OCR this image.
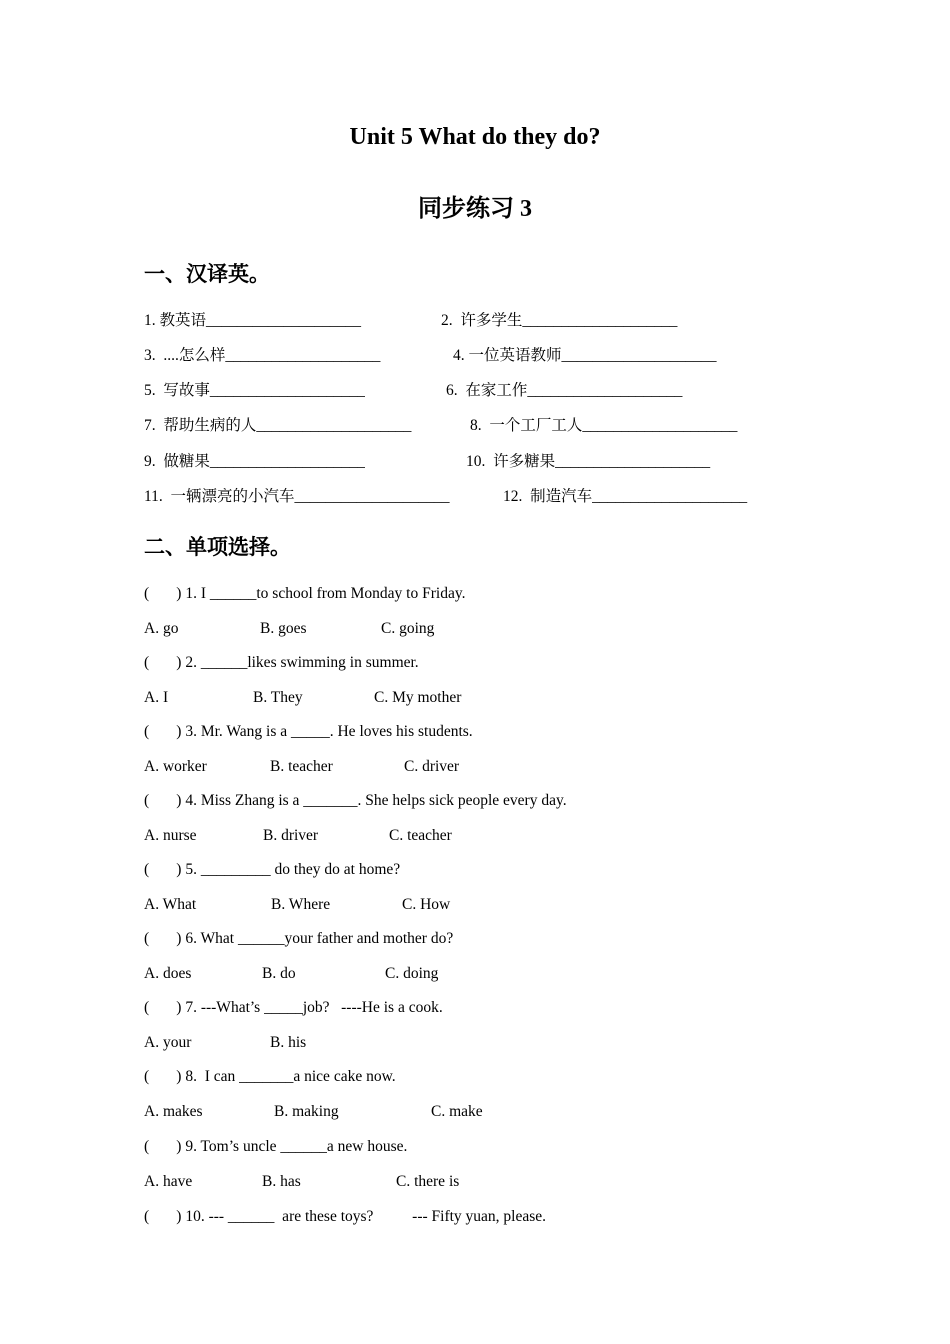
Unit 5 What do they do?
同步练习 3
一、汉译英。
1. 教英语____________________	2.  许多学生____________________
3.  ....怎么样____________________	4. 一位英语教师____________________
5.  写故事____________________	6.  在家工作____________________
7.  帮助生病的人____________________	8.  一个工厂工人____________________
9.  做糖果____________________	10.  许多糖果____________________
11.  一辆漂亮的小汽车____________________	12.  制造汽车____________________
二、单项选择。
(       ) 1. I ______to school from Monday to Friday.
A. go	B. goes	C. going
(       ) 2. ______likes swimming in summer.
A. I	B. They	C. My mother
(       ) 3. Mr. Wang is a _____. He loves his students.
A. worker	B. teacher	C. driver
(       ) 4. Miss Zhang is a _______. She helps sick people every day.
A. nurse	B. driver	C. teacher
(       ) 5. _________ do they do at home?
A. What	B. Where	C. How
(       ) 6. What ______your father and mother do?
A. does	B. do	C. doing
(       ) 7. ---What’s _____job?   ----He is a cook.
A. your	B. his
(       ) 8.  I can _______a nice cake now.
A. makes	B. making	C. make
(       ) 9. Tom’s uncle ______a new house.
A. have	B. has	C. there is
(       ) 10. --- ______  are these toys?          --- Fifty yuan, please.
